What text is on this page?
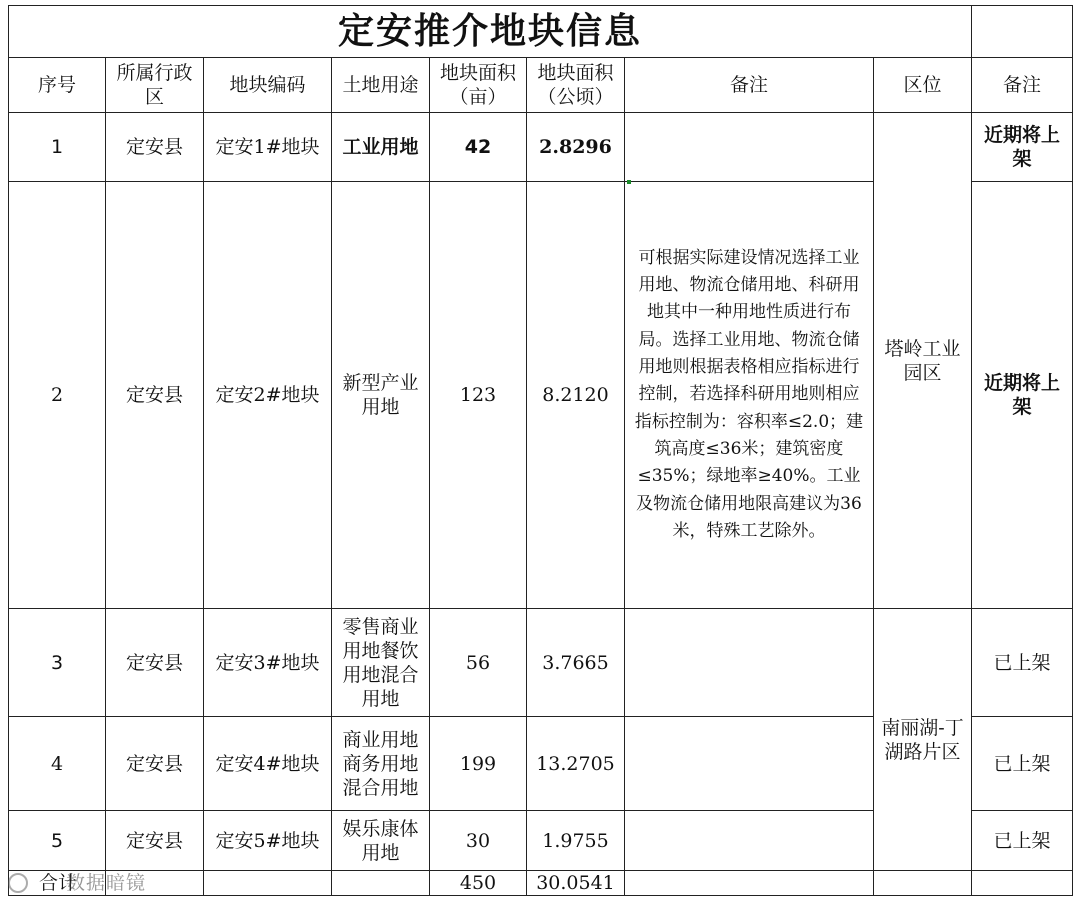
定安推介地块信息								
序号	所属行政区	地块编码	土地用途	地块面积（亩）	地块面积（公顷）	备注	区位	备注
1	定安县	定安1#地块	工业用地	42	2.8296		塔岭工业园区	近期将上架
2	定安县	定安2#地块	新型产业用地	123	8.2120	可根据实际建设情况选择工业用地、物流仓储用地、科研用地其中一种用地性质进行布局。选择工业用地、物流仓储用地则根据表格相应指标进行控制，若选择科研用地则相应指标控制为：容积率≤2.0；建筑高度≤36米；建筑密度≤35%；绿地率≥40%。工业及物流仓储用地限高建议为36米，特殊工艺除外。		近期将上架
3	定安县	定安3#地块	零售商业用地餐饮用地混合用地	56	3.7665		南丽湖-丁湖路片区	已上架
4	定安县	定安4#地块	商业用地商务用地混合用地	199	13.2705			已上架
5	定安县	定安5#地块	娱乐康体用地	30	1.9755			已上架
合计				450	30.0541			
数据暗镜
